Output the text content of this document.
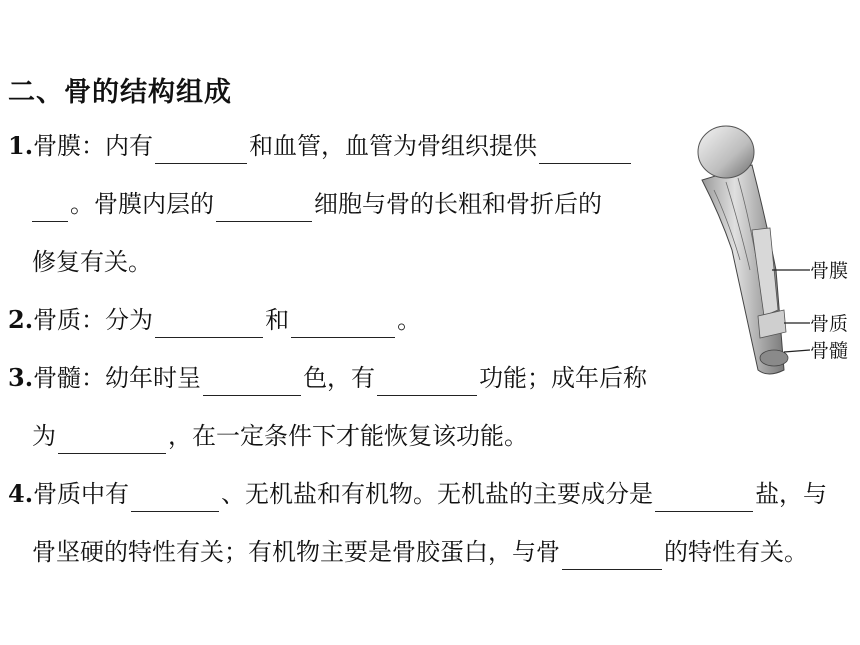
二、骨的结构组成
1.骨膜：内有	和血管，血管为骨组织提供
。骨膜内层的	细胞与骨的长粗和骨折后的
修复有关。
2.骨质：分为	和	。
3.骨髓：幼年时呈	色，有	功能；成年后称
为	，在一定条件下才能恢复该功能。
4.骨质中有	、无机盐和有机物。无机盐的主要成分是	盐，与
骨坚硬的特性有关；有机物主要是骨胶蛋白，与骨	的特性有关。
骨膜
骨质
骨髓
